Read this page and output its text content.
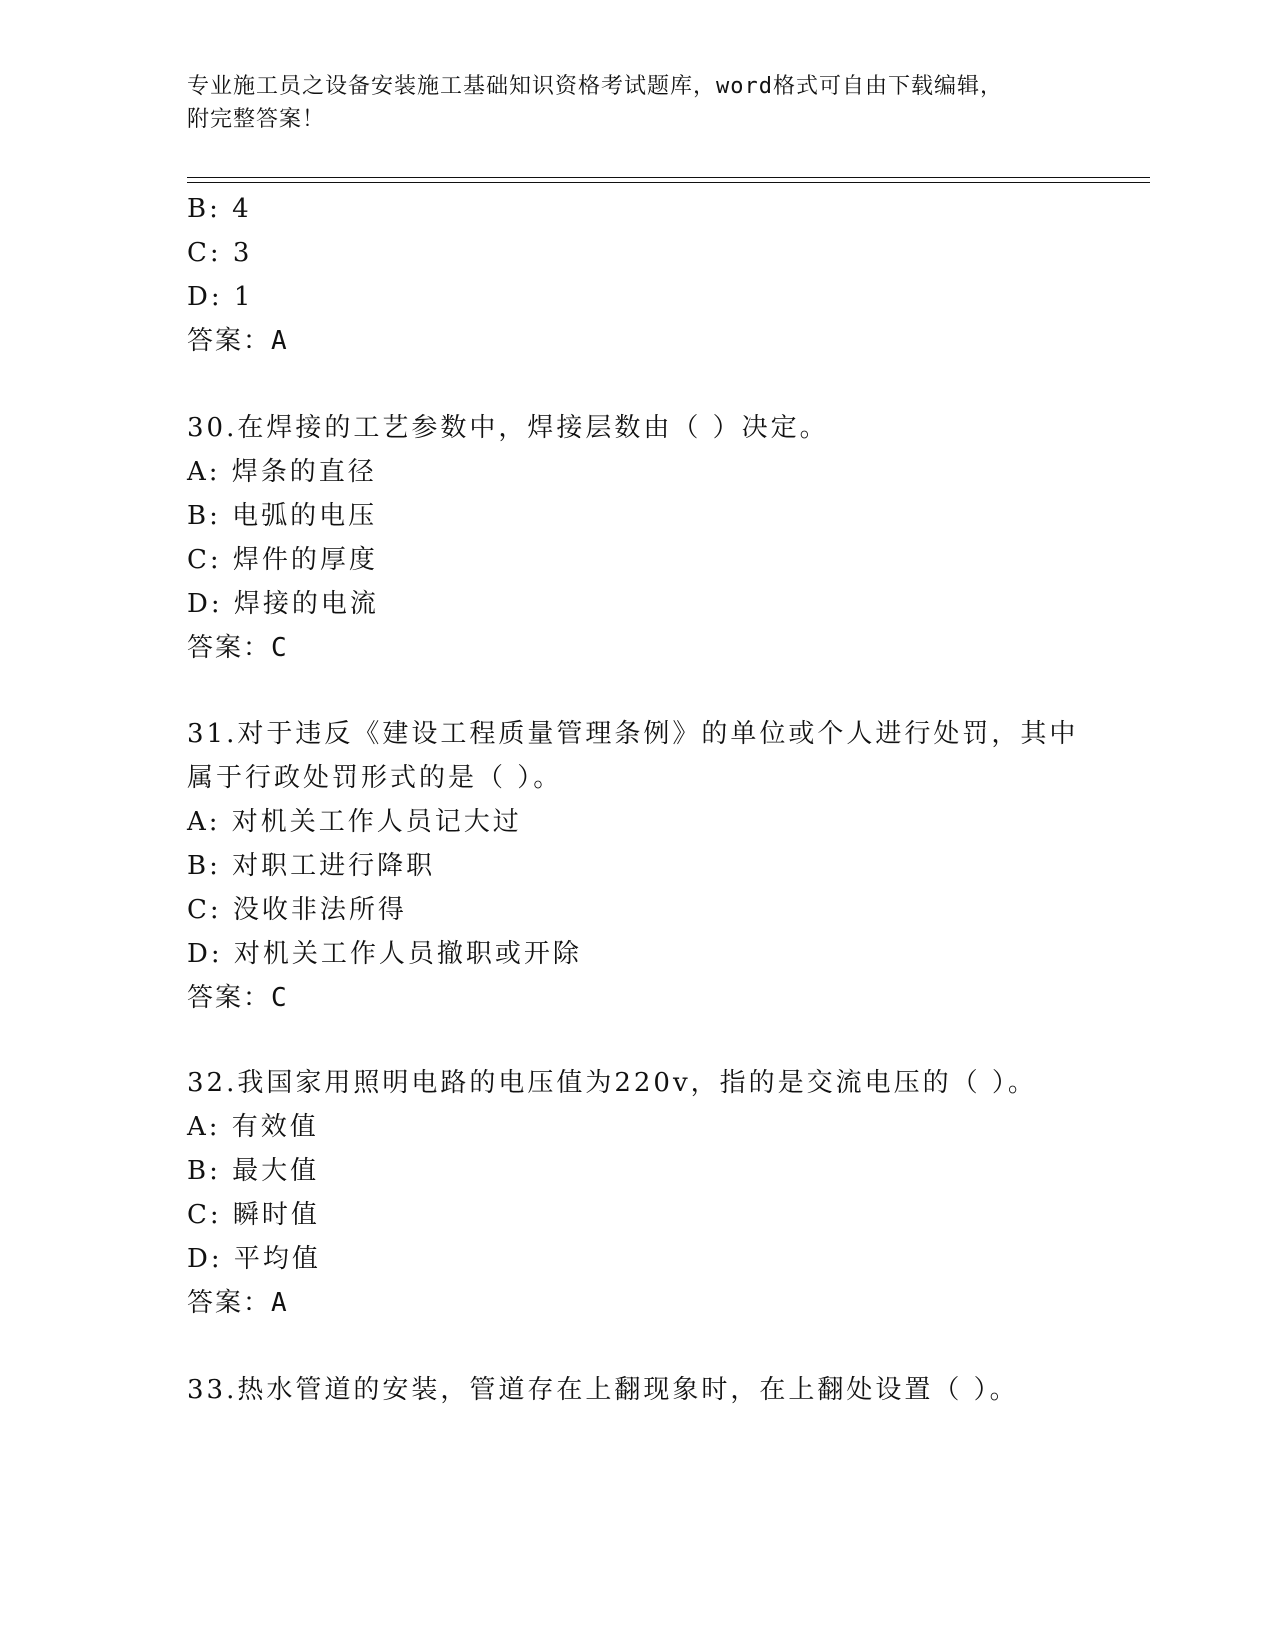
专业施工员之设备安装施工基础知识资格考试题库，word格式可自由下载编辑，
附完整答案！
B: 4
C: 3
D: 1
答案：A
30.在焊接的工艺参数中，焊接层数由（ ）决定。
A: 焊条的直径
B: 电弧的电压
C: 焊件的厚度
D: 焊接的电流
答案：C
31.对于违反《建设工程质量管理条例》的单位或个人进行处罚，其中
属于行政处罚形式的是（ ）。
A: 对机关工作人员记大过
B: 对职工进行降职
C: 没收非法所得
D: 对机关工作人员撤职或开除
答案：C
32.我国家用照明电路的电压值为220v，指的是交流电压的（ ）。
A: 有效值
B: 最大值
C: 瞬时值
D: 平均值
答案：A
33.热水管道的安装，管道存在上翻现象时，在上翻处设置（ ）。
